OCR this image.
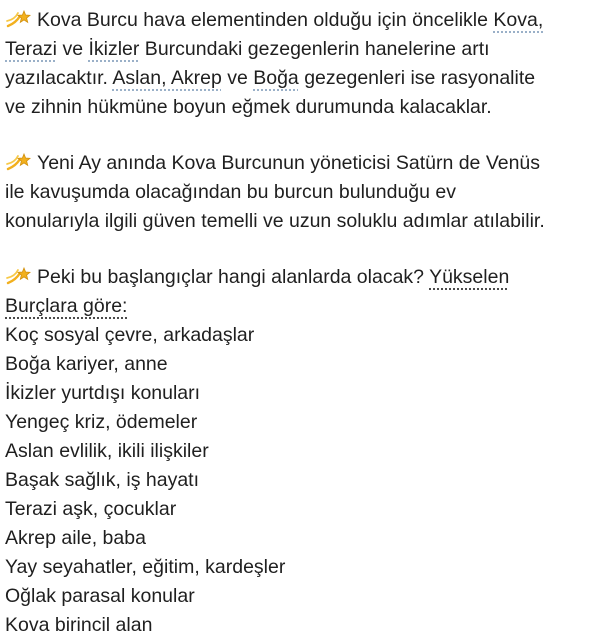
Kova Burcu hava elementinden olduğu için öncelikle Kova,
Terazi ve İkizler Burcundaki gezegenlerin hanelerine artı
yazılacaktır. Aslan, Akrep ve Boğa gezegenleri ise rasyonalite
ve zihnin hükmüne boyun eğmek durumunda kalacaklar.

Yeni Ay anında Kova Burcunun yöneticisi Satürn de Venüs
ile kavuşumda olacağından bu burcun bulunduğu ev
konularıyla ilgili güven temelli ve uzun soluklu adımlar atılabilir.

Peki bu başlangıçlar hangi alanlarda olacak? Yükselen
Burçlara göre:

Koç sosyal çevre, arkadaşlar
Boğa kariyer, anne
İkizler yurtdışı konuları
Yengeç kriz, ödemeler
Aslan evlilik, ikili ilişkiler
Başak sağlık, iş hayatı
Terazi aşk, çocuklar
Akrep aile, baba
Yay seyahatler, eğitim, kardeşler
Oğlak parasal konular
Kova birincil alan
